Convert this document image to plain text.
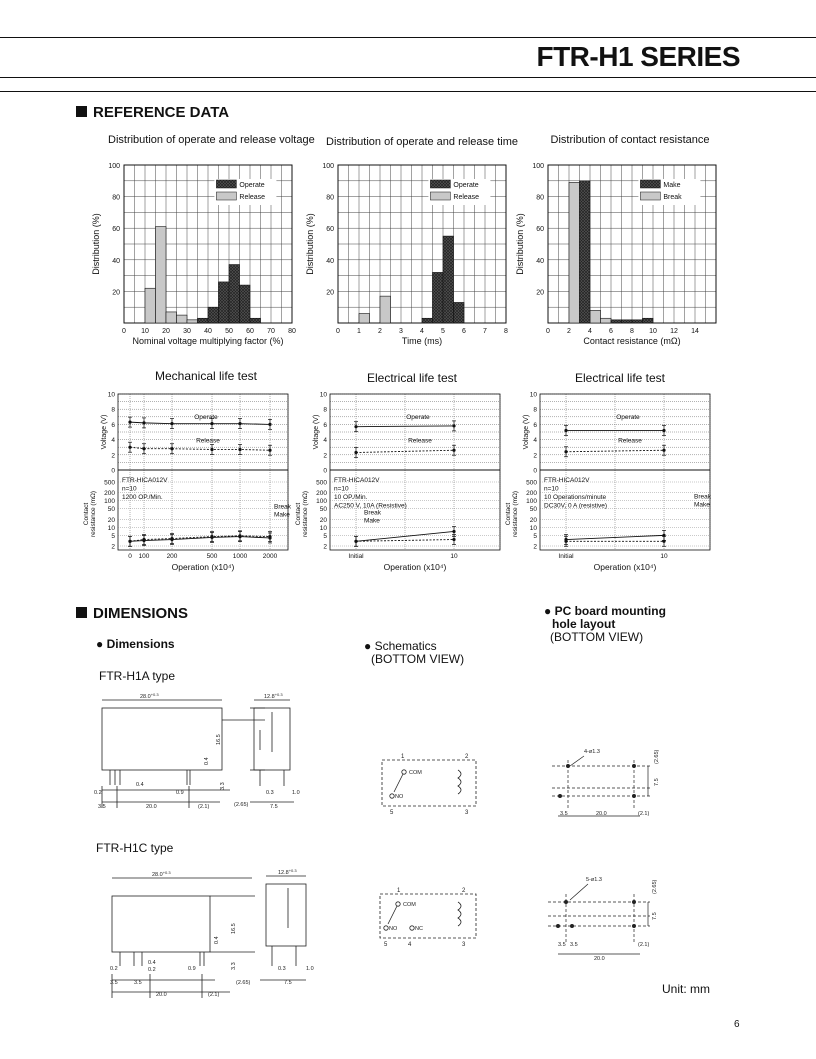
FTR-H1 SERIES
REFERENCE DATA
Distribution of operate and release voltage	Distribution of operate and release time	Distribution of contact resistance
20
40
60
80
100
0 10 20 30 40 50 60 70 80
Nominal voltage multiplying factor (%)
Distribution (%)
Operate
Release
20
40
60
80
100
0 1 2 3 4 5 6 7 8
Time (ms)
Distribution (%)
Operate
Release
20
40
60
80
100
0 2 4 6 8 10 12 14
Contact resistance (mΩ)
Distribution (%)
Make
Break
Mechanical life test	Electrical life test	Electrical life test
0
2
4
6
8
10
Voltage (V)
2
5
10
20
50
100
200
500
Contact resistance (mΩ)
FTR-HICA012V
n=10
1200 OP./Min.
Operate
Release
Break
Make
0 100	200	500 1000 2000
Operation (x10⁴)
0
2
4
6
8
10
Voltage (V)
2
5
10
20
50
100
200
500
Contact resistance (mΩ)
FTR-HICA012V
n=10
10 OP./Min.
AC250 V, 10A (Resistive)
Operate
Release
Break
Make
Initial	10
Operation (x10⁴)
0
2
4
6
8
10
Voltage (V)
2
5
10
20
50
100
200
500
Contact resistance (mΩ)
FTR-HICA012V
n=10
10 Operations/minute
DC30V, 0 A (resistive)
Operate
Release
Break
Make
Initial	10
Operation (x10⁴)
DIMENSIONS
● Dimensions	● Schematics
(BOTTOM VIEW)
● PC board mounting
hole layout
(BOTTOM VIEW)
FTR-H1A type
FTR-H1C type
$28.0^{+0.3}$
16.5
0.2
0.4
3.5	20.0
0.9
(2.1)
0.4
3.3
$12.8^{+0.3}$
(2.65)
0.3
7.5
1.0
$28.0^{+0.3}$
16.5
0.2
0.4
0.2
3.5	3.5
20.0
0.9
(2.1)
0.4
3.3
$12.8^{+0.3}$
(2.65)
0.3
7.5
1.0
1	2
5	3
COM
NO
1	2
5	4	3
COM
NO	NC
4-ø1.3	(2.65)
7.5
3.5	20.0	(2.1)
5-ø1.3	(2.65)
7.5
3.5 3.5
20.0
(2.1)
Unit: mm
6
